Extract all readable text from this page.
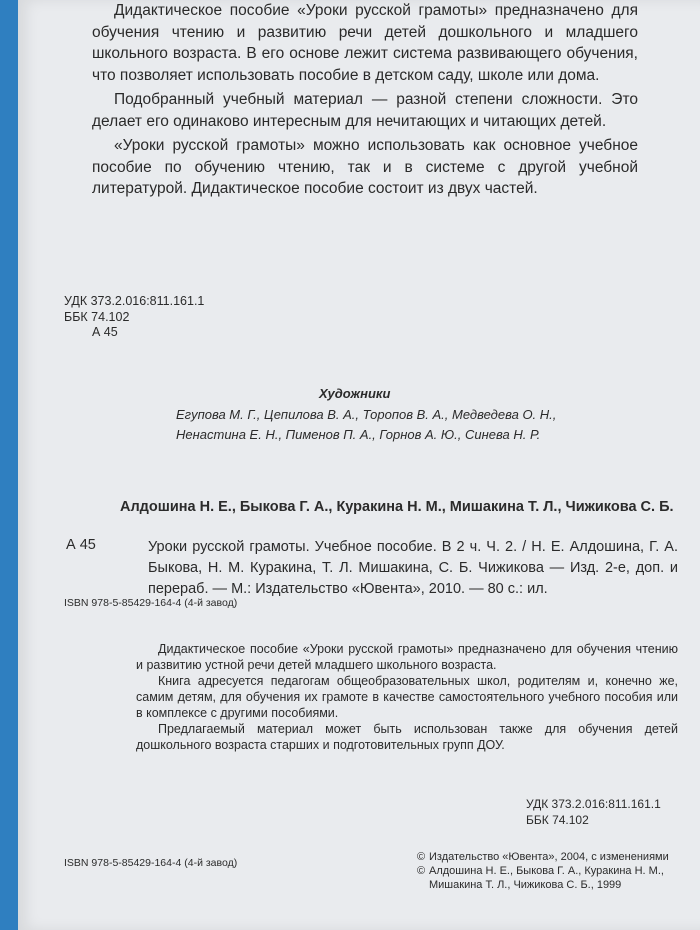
Дидактическое пособие «Уроки русской грамоты» предназначено для обучения чтению и развитию речи детей дошкольного и младшего школьного возраста. В его основе лежит система развивающего обучения, что позволяет использовать пособие в детском саду, школе или дома.

Подобранный учебный материал — разной степени сложности. Это делает его одинаково интересным для нечитающих и читающих детей.

«Уроки русской грамоты» можно использовать как основное учебное пособие по обучению чтению, так и в системе с другой учебной литературой. Дидактическое пособие состоит из двух частей.

УДК 373.2.016:811.161.1
ББК 74.102
А 45
Художники
Егупова М. Г., Цепилова В. А., Торопов В. А., Медведева О. Н.,
Ненастина Е. Н., Пименов П. А., Горнов А. Ю., Синева Н. Р.
Алдошина Н. Е., Быкова Г. А., Куракина Н. М., Мишакина Т. Л., Чижикова С. Б.
А 45	Уроки русской грамоты. Учебное пособие. В 2 ч. Ч. 2. / Н. Е. Алдошина, Г. А. Быкова, Н. М. Куракина, Т. Л. Мишакина, С. Б. Чижикова — Изд. 2-е, доп. и перераб. — М.: Издательство «Ювента», 2010. — 80 с.: ил.
ISBN 978-5-85429-164-4 (4-й завод)

Дидактическое пособие «Уроки русской грамоты» предназначено для обучения чтению и развитию устной речи детей младшего школьного возраста.

Книга адресуется педагогам общеобразовательных школ, родителям и, конечно же, самим детям, для обучения их грамоте в качестве самостоятельного учебного пособия или в комплексе с другими пособиями.

Предлагаемый материал может быть использован также для обучения детей дошкольного возраста старших и подготовительных групп ДОУ.

УДК 373.2.016:811.161.1
ББК 74.102
ISBN 978-5-85429-164-4 (4-й завод)	© Издательство «Ювента», 2004, с изменениями
© Алдошина Н. Е., Быкова Г. А., Куракина Н. М.,
Мишакина Т. Л., Чижикова С. Б., 1999
